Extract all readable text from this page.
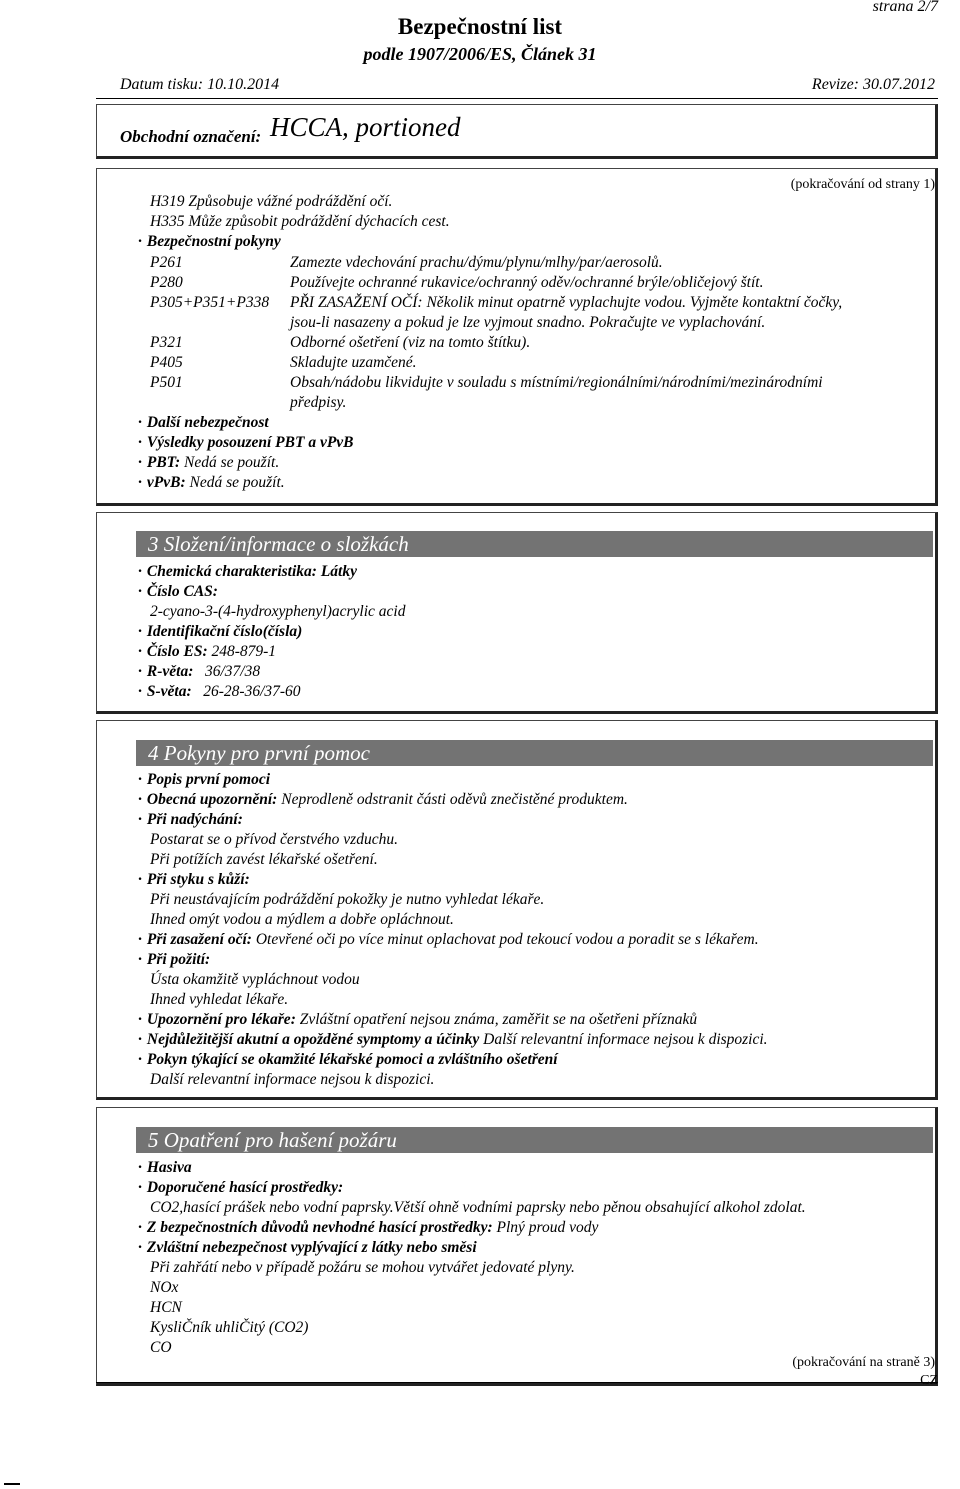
strana 2/7
Bezpečnostní list
podle 1907/2006/ES, Článek 31
Datum tisku: 10.10.2014	Revize: 30.07.2012
Obchodní označení: HCCA, portioned
(pokračování od strany 1)
H319 Způsobuje vážné podráždění očí.
H335 Může způsobit podráždění dýchacích cest.
· Bezpečnostní pokyny
P261	Zamezte vdechování prachu/dýmu/plynu/mlhy/par/aerosolů.
P280	Používejte ochranné rukavice/ochranný oděv/ochranné brýle/obličejový štít.
P305+P351+P338 PŘI ZASAŽENÍ OČÍ: Několik minut opatrně vyplachujte vodou. Vyjměte kontaktní čočky,
jsou-li nasazeny a pokud je lze vyjmout snadno. Pokračujte ve vyplachování.
P321	Odborné ošetření (viz na tomto štítku).
P405	Skladujte uzamčené.
P501	Obsah/nádobu likvidujte v souladu s místními/regionálními/národními/mezinárodními
předpisy.
· Další nebezpečnost
· Výsledky posouzení PBT a vPvB
· PBT: Nedá se použít.
· vPvB: Nedá se použít.
3 Složení/informace o složkách
· Chemická charakteristika: Látky
· Číslo CAS:
2-cyano-3-(4-hydroxyphenyl)acrylic acid
· Identifikační číslo(čísla)
· Číslo ES: 248-879-1
· R-věta: 36/37/38
· S-věta: 26-28-36/37-60
4 Pokyny pro první pomoc
· Popis první pomoci
· Obecná upozornění: Neprodleně odstranit části oděvů znečistěné produktem.
· Při nadýchání:
Postarat se o přívod čerstvého vzduchu.
Při potížích zavést lékařské ošetření.
· Při styku s kůží:
Při neustávajícím podráždění pokožky je nutno vyhledat lékaře.
Ihned omýt vodou a mýdlem a dobře opláchnout.
· Při zasažení očí: Otevřené oči po více minut oplachovat pod tekoucí vodou a poradit se s lékařem.
· Při požití:
Ústa okamžitě vypláchnout vodou
Ihned vyhledat lékaře.
· Upozornění pro lékaře: Zvláštní opatření nejsou známa, zaměřit se na ošetřeni příznaků
· Nejdůležitější akutní a opožděné symptomy a účinky Další relevantní informace nejsou k dispozici.
· Pokyn týkající se okamžité lékařské pomoci a zvláštního ošetření
Další relevantní informace nejsou k dispozici.
5 Opatření pro hašení požáru
· Hasiva
· Doporučené hasící prostředky:
CO2,hasící prášek nebo vodní paprsky.Větší ohně vodními paprsky nebo pěnou obsahující alkohol zdolat.
· Z bezpečnostních důvodů nevhodné hasící prostředky: Plný proud vody
· Zvláštní nebezpečnost vyplývající z látky nebo směsi
Při zahřátí nebo v případě požáru se mohou vytvářet jedovaté plyny.
NOx
HCN
KysliČník uhliČitý (CO2)
CO
(pokračování na straně 3)
CZ
